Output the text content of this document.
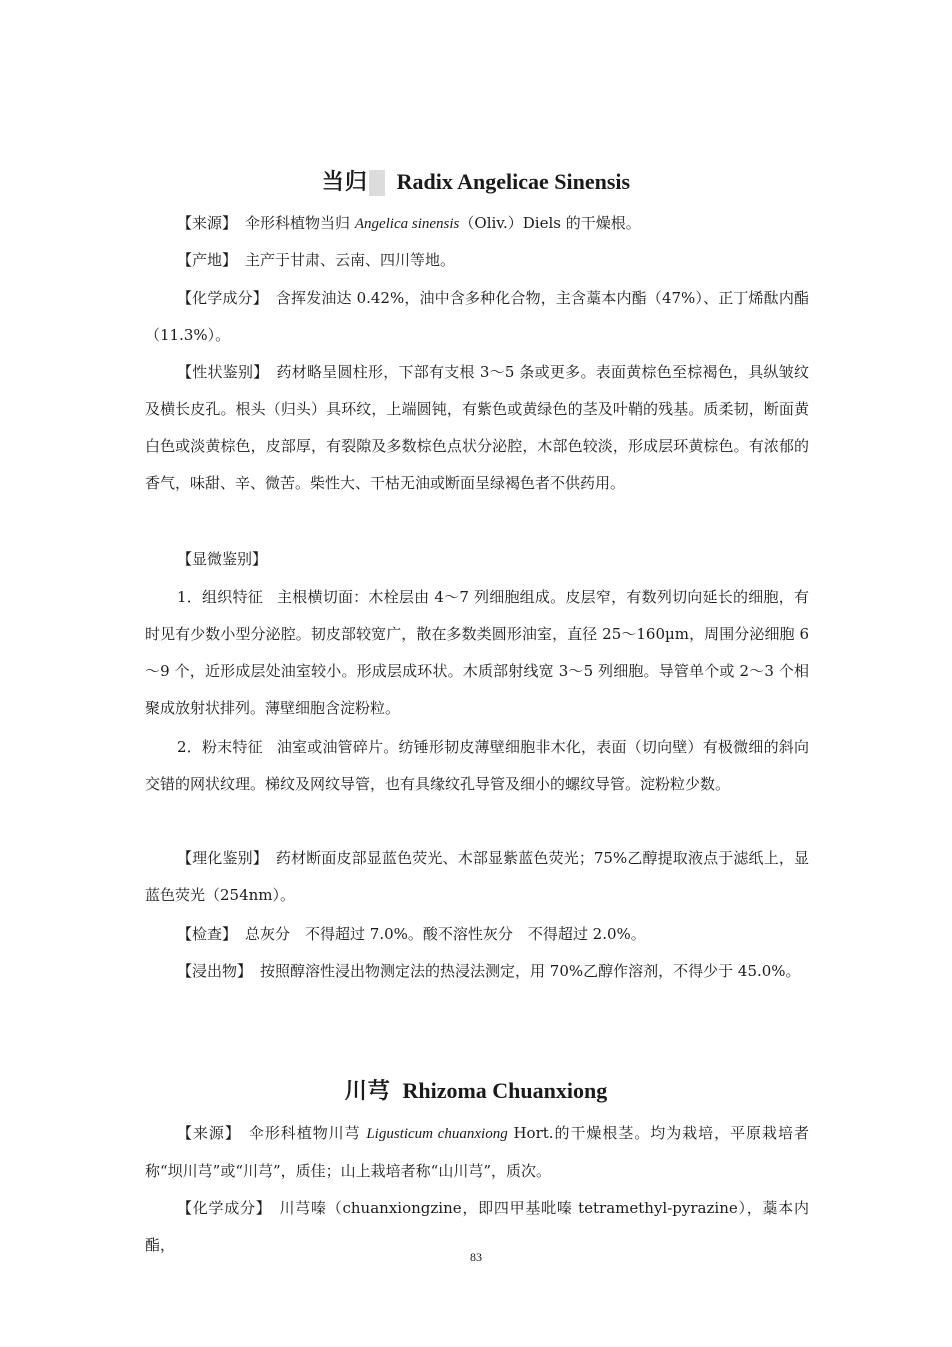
当归 Radix Angelicae Sinensis

【来源】 伞形科植物当归 Angelica sinensis（Oliv.）Diels 的干燥根。

【产地】 主产于甘肃、云南、四川等地。

【化学成分】 含挥发油达 0.42%，油中含多种化合物，主含藁本内酯（47%）、正丁烯酞内酯（11.3%）。

【性状鉴别】 药材略呈圆柱形，下部有支根 3～5 条或更多。表面黄棕色至棕褐色，具纵皱纹及横长皮孔。根头（归头）具环纹，上端圆钝，有紫色或黄绿色的茎及叶鞘的残基。质柔韧，断面黄白色或淡黄棕色，皮部厚，有裂隙及多数棕色点状分泌腔，木部色较淡，形成层环黄棕色。有浓郁的香气，味甜、辛、微苦。柴性大、干枯无油或断面呈绿褐色者不供药用。

【显微鉴别】

1．组织特征 主根横切面：木栓层由 4～7 列细胞组成。皮层窄，有数列切向延长的细胞，有时见有少数小型分泌腔。韧皮部较宽广，散在多数类圆形油室，直径 25～160µm，周围分泌细胞 6～9 个，近形成层处油室较小。形成层成环状。木质部射线宽 3～5 列细胞。导管单个或 2～3 个相聚成放射状排列。薄壁细胞含淀粉粒。

2．粉末特征 油室或油管碎片。纺锤形韧皮薄壁细胞非木化，表面（切向壁）有极微细的斜向交错的网状纹理。梯纹及网纹导管，也有具缘纹孔导管及细小的螺纹导管。淀粉粒少数。

【理化鉴别】 药材断面皮部显蓝色荧光、木部显紫蓝色荧光；75%乙醇提取液点于滤纸上，显蓝色荧光（254nm）。

【检查】 总灰分　不得超过 7.0%。酸不溶性灰分　不得超过 2.0%。

【浸出物】 按照醇溶性浸出物测定法的热浸法测定，用 70%乙醇作溶剂，不得少于 45.0%。

川芎 Rhizoma Chuanxiong

【来源】 伞形科植物川芎 Ligusticum chuanxiong Hort.的干燥根茎。均为栽培，平原栽培者称“坝川芎”或“川芎”，质佳；山上栽培者称“山川芎”，质次。

【化学成分】 川芎嗪（chuanxiongzine，即四甲基吡嗪 tetramethyl-pyrazine），藁本内酯，

83
